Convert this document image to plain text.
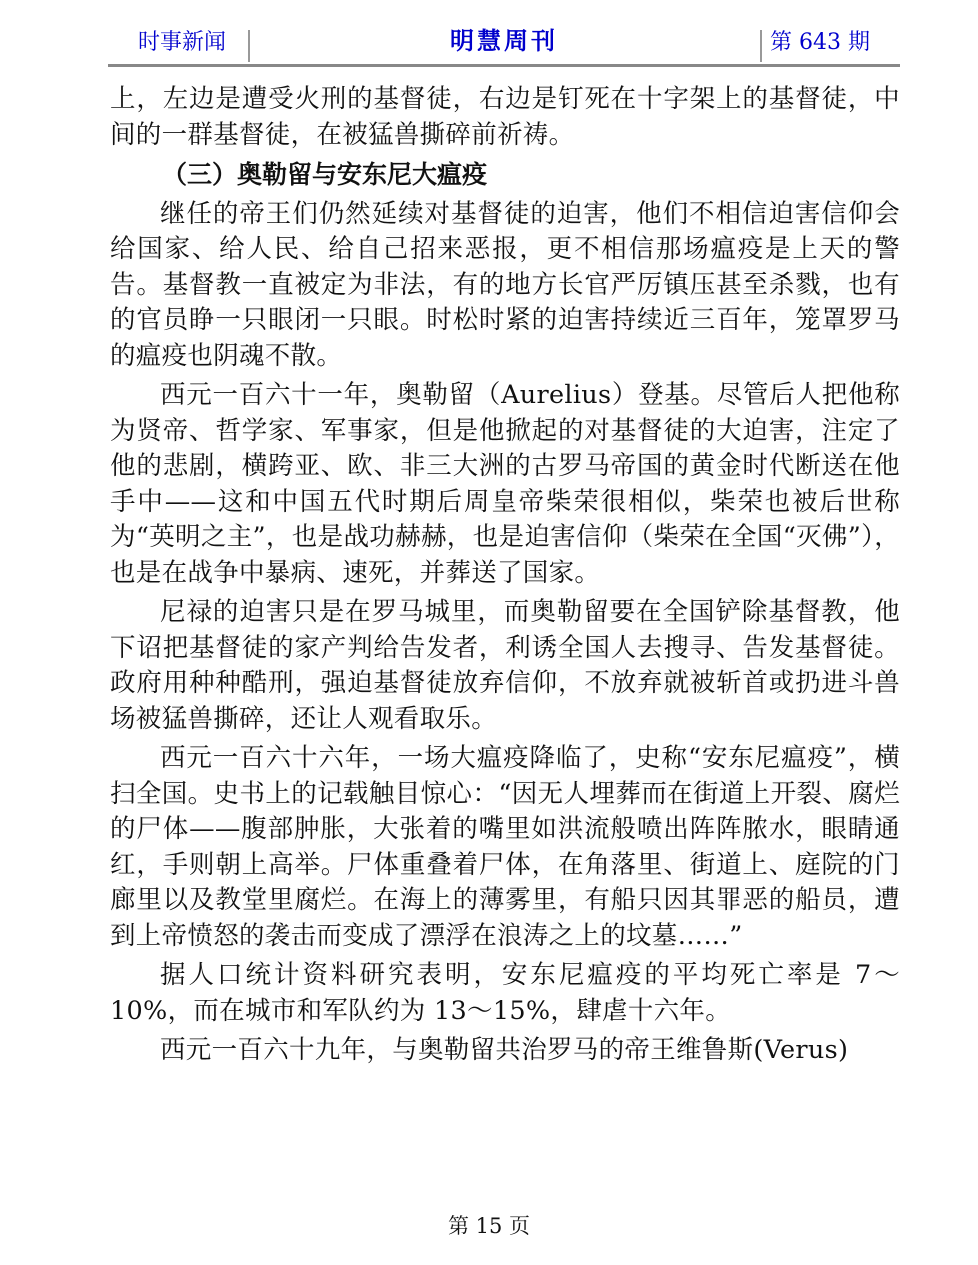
时事新闻	明慧周刊	第 643 期

上，左边是遭受火刑的基督徒，右边是钉死在十字架上的基督徒，中间的一群基督徒，在被猛兽撕碎前祈祷。

（三）奥勒留与安东尼大瘟疫

继任的帝王们仍然延续对基督徒的迫害，他们不相信迫害信仰会给国家、给人民、给自己招来恶报，更不相信那场瘟疫是上天的警告。基督教一直被定为非法，有的地方长官严厉镇压甚至杀戮，也有的官员睁一只眼闭一只眼。时松时紧的迫害持续近三百年，笼罩罗马的瘟疫也阴魂不散。

西元一百六十一年，奥勒留（Aurelius）登基。尽管后人把他称为贤帝、哲学家、军事家，但是他掀起的对基督徒的大迫害，注定了他的悲剧，横跨亚、欧、非三大洲的古罗马帝国的黄金时代断送在他手中——这和中国五代时期后周皇帝柴荣很相似，柴荣也被后世称为“英明之主”，也是战功赫赫，也是迫害信仰（柴荣在全国“灭佛”），也是在战争中暴病、速死，并葬送了国家。

尼禄的迫害只是在罗马城里，而奥勒留要在全国铲除基督教，他下诏把基督徒的家产判给告发者，利诱全国人去搜寻、告发基督徒。政府用种种酷刑，强迫基督徒放弃信仰，不放弃就被斩首或扔进斗兽场被猛兽撕碎，还让人观看取乐。

西元一百六十六年，一场大瘟疫降临了，史称“安东尼瘟疫”，横扫全国。史书上的记载触目惊心：“因无人埋葬而在街道上开裂、腐烂的尸体——腹部肿胀，大张着的嘴里如洪流般喷出阵阵脓水，眼睛通红，手则朝上高举。尸体重叠着尸体，在角落里、街道上、庭院的门廊里以及教堂里腐烂。在海上的薄雾里，有船只因其罪恶的船员，遭到上帝愤怒的袭击而变成了漂浮在浪涛之上的坟墓……”

据人口统计资料研究表明，安东尼瘟疫的平均死亡率是 7～10%，而在城市和军队约为 13～15%，肆虐十六年。

西元一百六十九年，与奥勒留共治罗马的帝王维鲁斯(Verus)

第 15 页
